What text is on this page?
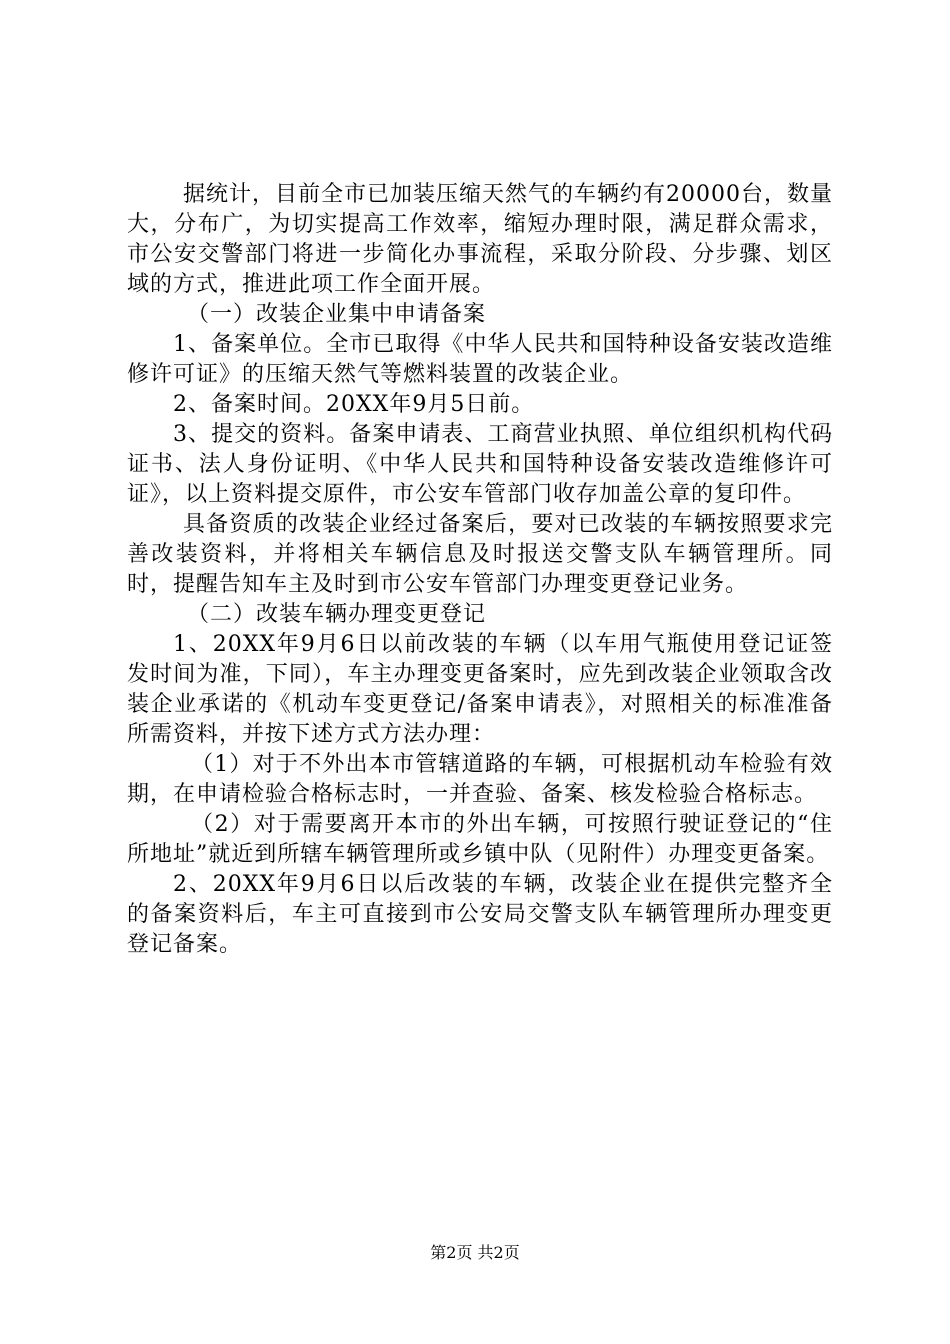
据统计，目前全市已加装压缩天然气的车辆约有20000台，数量大，分布广，为切实提高工作效率，缩短办理时限，满足群众需求，市公安交警部门将进一步简化办事流程，采取分阶段、分步骤、划区域的方式，推进此项工作全面开展。

（一）改装企业集中申请备案

1、备案单位。全市已取得《中华人民共和国特种设备安装改造维修许可证》的压缩天然气等燃料装置的改装企业。

2、备案时间。20XX年9月5日前。

3、提交的资料。备案申请表、工商营业执照、单位组织机构代码证书、法人身份证明、《中华人民共和国特种设备安装改造维修许可证》，以上资料提交原件，市公安车管部门收存加盖公章的复印件。

具备资质的改装企业经过备案后，要对已改装的车辆按照要求完善改装资料，并将相关车辆信息及时报送交警支队车辆管理所。同时，提醒告知车主及时到市公安车管部门办理变更登记业务。

（二）改装车辆办理变更登记

1、20XX年9月6日以前改装的车辆（以车用气瓶使用登记证签发时间为准，下同），车主办理变更备案时，应先到改装企业领取含改装企业承诺的《机动车变更登记/备案申请表》，对照相关的标准准备所需资料，并按下述方式方法办理：

（1）对于不外出本市管辖道路的车辆，可根据机动车检验有效期，在申请检验合格标志时，一并查验、备案、核发检验合格标志。

（2）对于需要离开本市的外出车辆，可按照行驶证登记的“住所地址”就近到所辖车辆管理所或乡镇中队（见附件）办理变更备案。

2、20XX年9月6日以后改装的车辆，改装企业在提供完整齐全的备案资料后，车主可直接到市公安局交警支队车辆管理所办理变更登记备案。

第2页 共2页
